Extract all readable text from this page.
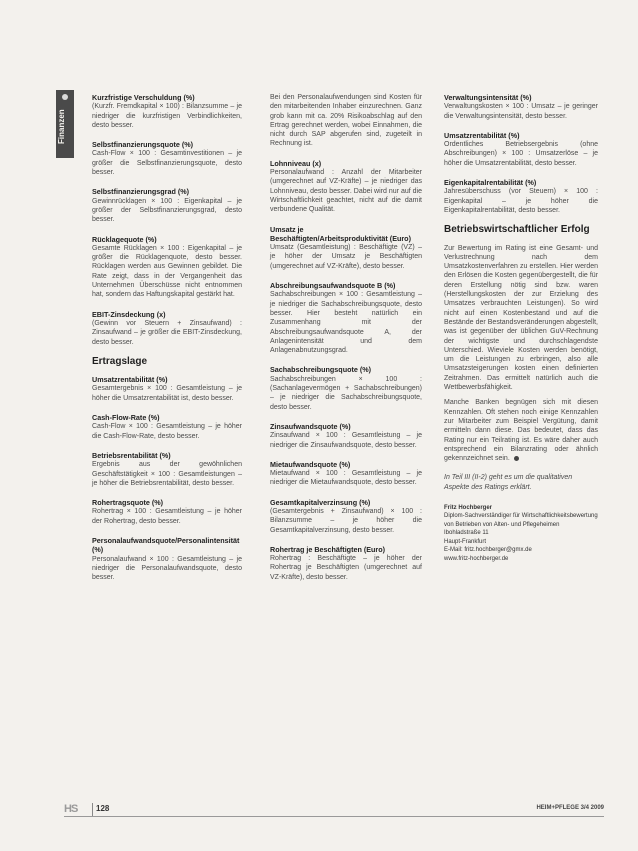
Finanzen
Kurzfristige Verschuldung (%)
(Kurzfr. Fremdkapital × 100) : Bilanzsumme – je niedriger die kurzfristigen Verbindlichkeiten, desto besser.
Selbstfinanzierungsquote (%)
Cash-Flow × 100 : Gesamtinvestitionen – je größer die Selbstfinanzierungsquote, desto besser.
Selbstfinanzierungsgrad (%)
Gewinnrücklagen × 100 : Eigenkapital – je größer der Selbstfinanzierungsgrad, desto besser.
Rücklagequote (%)
Gesamte Rücklagen × 100 : Eigenkapital – je größer die Rücklagenquote, desto besser. Rücklagen werden aus Gewinnen gebildet. Die Rate zeigt, dass in der Vergangenheit das Unternehmen Überschüsse nicht entnommen hat, sondern das Haftungskapital gestärkt hat.
EBIT-Zinsdeckung (x)
(Gewinn vor Steuern + Zinsaufwand) : Zinsaufwand – je größer die EBIT-Zinsdeckung, desto besser.
Ertragslage
Umsatzrentabilität (%)
Gesamtergebnis × 100 : Gesamtleistung – je höher die Umsatzrentabilität ist, desto besser.
Cash-Flow-Rate (%)
Cash-Flow × 100 : Gesamtleistung – je höher die Cash-Flow-Rate, desto besser.
Betriebsrentabilität (%)
Ergebnis aus der gewöhnlichen Geschäftstätigkeit × 100 : Gesamtleistungen – je höher die Betriebsrentabilität, desto besser.
Rohertragsquote (%)
Rohertrag × 100 : Gesamtleistung – je höher der Rohertrag, desto besser.
Personalaufwandsquote/Personalintensität (%)
Personalaufwand × 100 : Gesamtleistung – je niedriger die Personalaufwandsquote, desto besser.
Bei den Personalaufwendungen sind Kosten für den mitarbeitenden Inhaber einzurechnen. Ganz grob kann mit ca. 20% Risikoabschlag auf den Ertrag gerechnet werden, wobei Einnahmen, die nicht durch SAP abgerufen sind, zugeteilt in Rechnung ist.
Lohnniveau (x)
Personalaufwand : Anzahl der Mitarbeiter (umgerechnet auf VZ-Kräfte) – je niedriger das Lohnniveau, desto besser. Dabei wird nur auf die Wirtschaftlichkeit geachtet, nicht auf die damit verbundene Qualität.
Umsatz je Beschäftigten/Arbeitsproduktivität (Euro)
Umsatz (Gesamtleistung) : Beschäftigte (VZ) – je höher der Umsatz je Beschäftigten (umgerechnet auf VZ-Kräfte), desto besser.
Abschreibungsaufwandsquote B (%)
Sachabschreibungen × 100 : Gesamtleistung – je niedriger die Sachabschreibungsquote, desto besser. Hier besteht natürlich ein Zusammenhang mit der Abschreibungsaufwandsquote A, der Anlagenintensität und dem Anlagenabnutzungsgrad.
Sachabschreibungsquote (%)
Sachabschreibungen × 100 : (Sachanlagevermögen + Sachabschreibungen) – je niedriger die Sachabschreibungsquote, desto besser.
Zinsaufwandsquote (%)
Zinsaufwand × 100 : Gesamtleistung – je niedriger die Zinsaufwandsquote, desto besser.
Mietaufwandsquote (%)
Mietaufwand × 100 : Gesamtleistung – je niedriger die Mietaufwandsquote, desto besser.
Gesamtkapitalverzinsung (%)
(Gesamtergebnis + Zinsaufwand) × 100 : Bilanzsumme – je höher die Gesamtkapitalverzinsung, desto besser.
Rohertrag je Beschäftigten (Euro)
Rohertrag : Beschäftigte – je höher der Rohertrag je Beschäftigten (umgerechnet auf VZ-Kräfte), desto besser.
Verwaltungsintensität (%)
Verwaltungskosten × 100 : Umsatz – je geringer die Verwaltungsintensität, desto besser.
Umsatzrentabilität (%)
Ordentliches Betriebsergebnis (ohne Abschreibungen) × 100 : Umsatzerlöse – je höher die Umsatzrentabilität, desto besser.
Eigenkapitalrentabilität (%)
Jahresüberschuss (vor Steuern) × 100 : Eigenkapital – je höher die Eigenkapitalrentabilität, desto besser.
Betriebswirtschaftlicher Erfolg
Zur Bewertung im Rating ist eine Gesamt- und Verlustrechnung nach dem Umsatzkostenverfahren zu erstellen. Hier werden den Erlösen die Kosten gegenübergestellt, die für deren Erstellung nötig sind bzw. waren (Herstellungskosten der zur Erzielung des Umsatzes verbrauchten Leistungen). So wird nicht auf einen Kostenbestand und auf die Bestände der Bestandsveränderungen abgestellt, was ist gegenüber der üblichen GuV-Rechnung der wichtigste und durchschlagendste Unterschied. Wieviele Kosten werden benötigt, um die Leistungen zu erbringen, also alle Umsatzsteigerungen kosten einen definierten Zeitrahmen. Das ermittelt natürlich auch die Wettbewerbsfähigkeit.
Manche Banken begnügen sich mit diesen Kennzahlen. Oft stehen noch einige Kennzahlen zur Mitarbeiter zum Beispiel Vergütung, damit ermitteln dann diese. Das bedeutet, dass das Rating nur ein Teilrating ist. Es wäre daher auch entsprechend ein Bilanzrating oder ähnlich gekennzeichnet sein.
In Teil III (II-2) geht es um die qualitativen Aspekte des Ratings erklärt.
Fritz Hochberger
Diplom-Sachverständiger für Wirtschaftlichkeitsbewertung von Betrieben von Alten- und Pflegeheimen
Ibohladstraße 11
Haupt-Frankfurt
E-Mail: fritz.hochberger@gmx.de
www.fritz-hochberger.de
HS 128	HEIM+PFLEGE 3/4 2009
